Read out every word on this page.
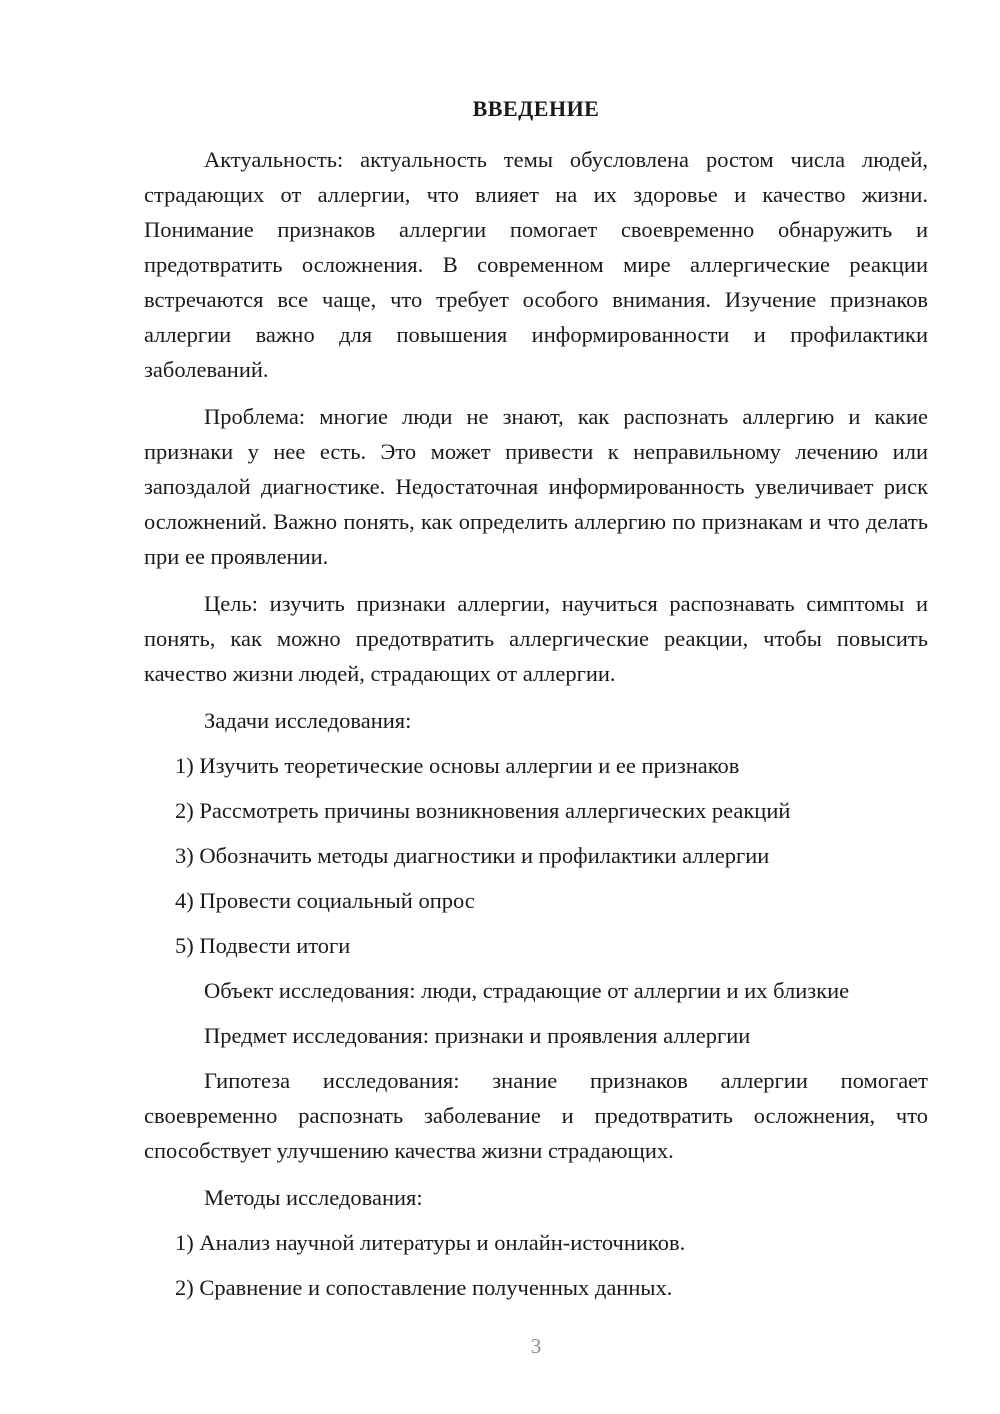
ВВЕДЕНИЕ

Актуальность: актуальность темы обусловлена ростом числа людей, страдающих от аллергии, что влияет на их здоровье и качество жизни. Понимание признаков аллергии помогает своевременно обнаружить и предотвратить осложнения. В современном мире аллергические реакции встречаются все чаще, что требует особого внимания. Изучение признаков аллергии важно для повышения информированности и профилактики заболеваний.

Проблема: многие люди не знают, как распознать аллергию и какие признаки у нее есть. Это может привести к неправильному лечению или запоздалой диагностике. Недостаточная информированность увеличивает риск осложнений. Важно понять, как определить аллергию по признакам и что делать при ее проявлении.

Цель: изучить признаки аллергии, научиться распознавать симптомы и понять, как можно предотвратить аллергические реакции, чтобы повысить качество жизни людей, страдающих от аллергии.

Задачи исследования:

1) Изучить теоретические основы аллергии и ее признаков

2) Рассмотреть причины возникновения аллергических реакций

3) Обозначить методы диагностики и профилактики аллергии

4) Провести социальный опрос

5) Подвести итоги

Объект исследования: люди, страдающие от аллергии и их близкие

Предмет исследования: признаки и проявления аллергии

Гипотеза исследования: знание признаков аллергии помогает своевременно распознать заболевание и предотвратить осложнения, что способствует улучшению качества жизни страдающих.

Методы исследования:

1) Анализ научной литературы и онлайн-источников.

2) Сравнение и сопоставление полученных данных.

3
